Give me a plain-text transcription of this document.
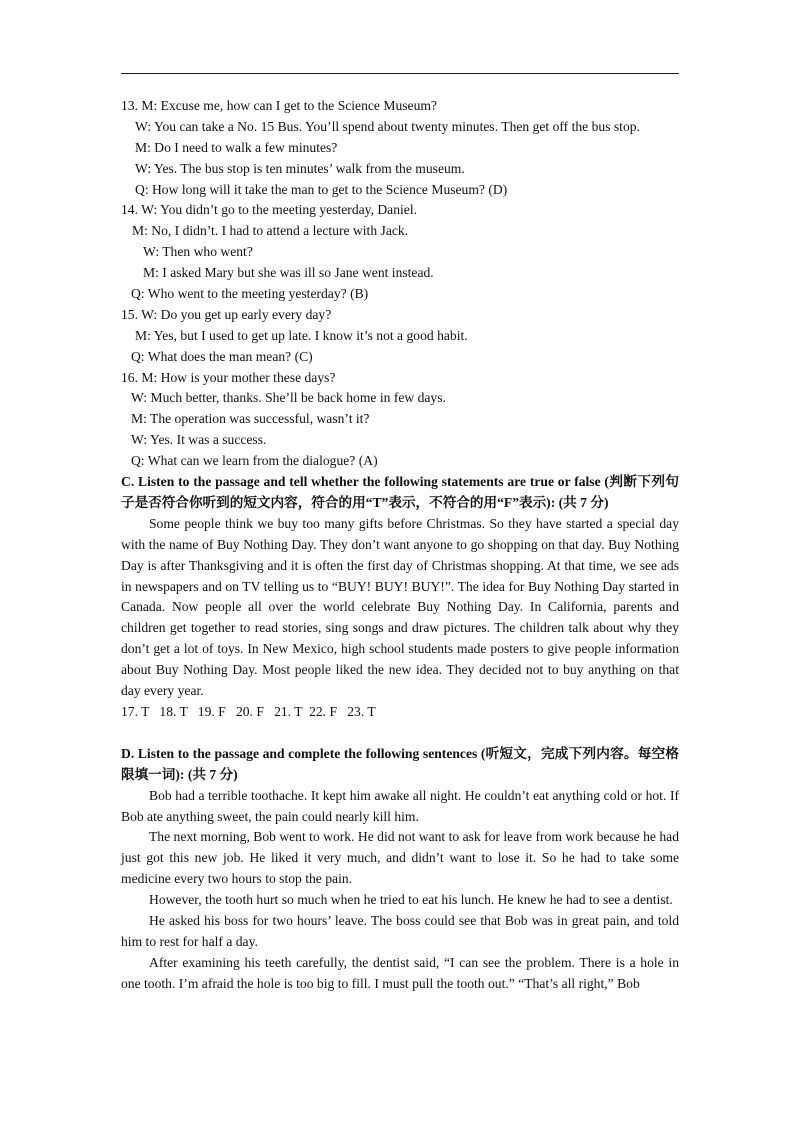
13. M: Excuse me, how can I get to the Science Museum?
W: You can take a No. 15 Bus. You’ll spend about twenty minutes. Then get off the bus stop.
M: Do I need to walk a few minutes?
W: Yes. The bus stop is ten minutes’ walk from the museum.
Q: How long will it take the man to get to the Science Museum? (D)
14. W: You didn’t go to the meeting yesterday, Daniel.
M: No, I didn’t. I had to attend a lecture with Jack.
W: Then who went?
M: I asked Mary but she was ill so Jane went instead.
Q: Who went to the meeting yesterday? (B)
15. W: Do you get up early every day?
M: Yes, but I used to get up late. I know it’s not a good habit.
Q: What does the man mean? (C)
16. M: How is your mother these days?
W: Much better, thanks. She’ll be back home in few days.
M: The operation was successful, wasn’t it?
W: Yes. It was a success.
Q: What can we learn from the dialogue? (A)
C. Listen to the passage and tell whether the following statements are true or false (判断下列句子是否符合你听到的短文内容，符合的用“T”表示，不符合的用“F”表示): (共 7 分)
Some people think we buy too many gifts before Christmas. So they have started a special day with the name of Buy Nothing Day. They don’t want anyone to go shopping on that day. Buy Nothing Day is after Thanksgiving and it is often the first day of Christmas shopping. At that time, we see ads in newspapers and on TV telling us to “BUY! BUY! BUY!”. The idea for Buy Nothing Day started in Canada. Now people all over the world celebrate Buy Nothing Day. In California, parents and children get together to read stories, sing songs and draw pictures. The children talk about why they don’t get a lot of toys. In New Mexico, high school students made posters to give people information about Buy Nothing Day. Most people liked the new idea. They decided not to buy anything on that day every year.
17. T   18. T   19. F   20. F   21. T  22. F   23. T
D. Listen to the passage and complete the following sentences (听短文，完成下列内容。每空格限填一词): (共 7 分)
Bob had a terrible toothache. It kept him awake all night. He couldn’t eat anything cold or hot. If Bob ate anything sweet, the pain could nearly kill him.
The next morning, Bob went to work. He did not want to ask for leave from work because he had just got this new job. He liked it very much, and didn’t want to lose it. So he had to take some medicine every two hours to stop the pain.
However, the tooth hurt so much when he tried to eat his lunch. He knew he had to see a dentist.
He asked his boss for two hours’ leave. The boss could see that Bob was in great pain, and told him to rest for half a day.
After examining his teeth carefully, the dentist said, “I can see the problem. There is a hole in one tooth. I’m afraid the hole is too big to fill. I must pull the tooth out.” “That’s all right,” Bob
